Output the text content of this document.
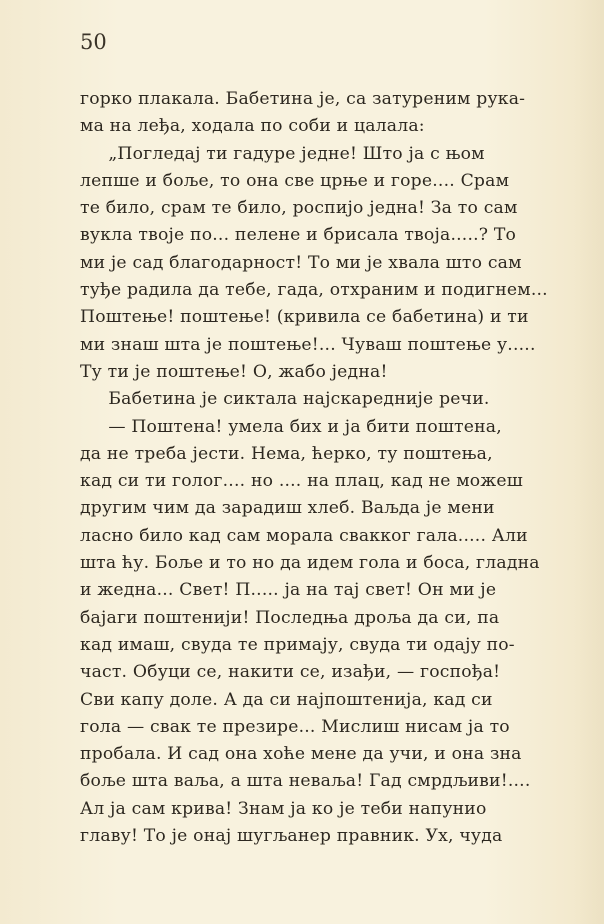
50
горко плакала. Бабетина је, са затуреним рука-
ма на леђа, ходала по соби и цалала:
„Погледај ти гадуре једне! Што ја с њом
лепше и боље, то она све црње и горе.... Срам
те било, срам те било, роспијо једна! За то сам
вукла твоје по... пелене и брисала твоја.....? То
ми је сад благодарност! То ми је хвала што сам
туђе радила да тебе, гада, отхраним и подигнем...
Поштење! поштење! (кривила се бабетина) и ти
ми знаш шта је поштење!... Чуваш поштење у.....
Ту ти је поштење! О, жабо једна!
Бабетина је сиктала најскареднијe речи.
— Поштена! умела бих и ја бити поштена,
да не треба јести. Нема, ћерко, ту поштења,
кад си ти голог.... но .... на плац, кад не можеш
другим чим да зарадиш хлеб. Ваљда је мени
ласно било кад сам морала свакког гала..... Али
шта ћу. Боље и то но да идем гола и боса, гладна
и жедна... Свет! П..... ја на тај свет! Он ми је
бајаги поштенији! Последња дроља да си, па
кад имаш, свуда те примају, свуда ти одају по-
част. Обуци се, накити се, изађи, — госпођа!
Сви капу доле. А да си најпоштенија, кад си
гола — свак те презире... Мислиш нисам ја то
пробала. И сад она хоће мене да учи, и она зна
боље шта ваља, а шта неваља! Гад смрдљиви!....
Ал ја сам крива! Знам ја ко је теби напунио
главу! То је онај шугљанер правник. Ух, чуда
